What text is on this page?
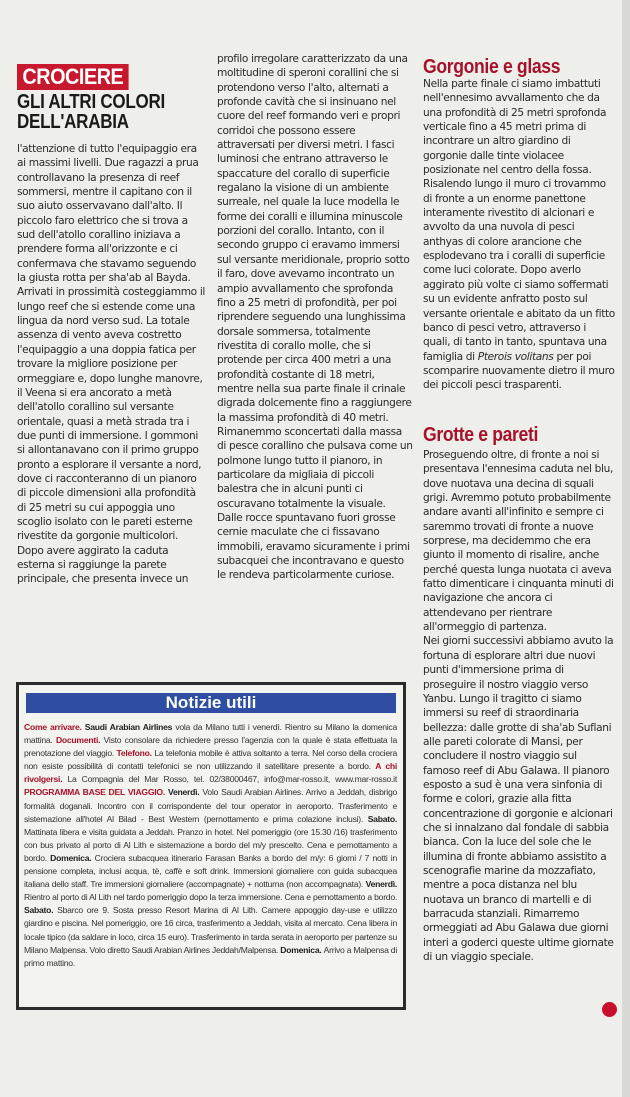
CROCIERE
GLI ALTRI COLORI
DELL'ARABIA

l'attenzione di tutto l'equipaggio era ai massimi livelli. Due ragazzi a prua controllavano la presenza di reef sommersi, mentre il capitano con il suo aiuto osservavano dall'alto. Il piccolo faro elettrico che si trova a sud dell'atollo corallino iniziava a prendere forma all'orizzonte e ci confermava che stavamo seguendo la giusta rotta per sha'ab al Bayda. Arrivati in prossimità costeggiammo il lungo reef che si estende come una lingua da nord verso sud. La totale assenza di vento aveva costretto l'equipaggio a una doppia fatica per trovare la migliore posizione per ormeggiare e, dopo lunghe manovre, il Veena si era ancorato a metà dell'atollo corallino sul versante orientale, quasi a metà strada tra i due punti di immersione. I gommoni si allontanavano con il primo gruppo pronto a esplorare il versante a nord, dove ci racconteranno di un pianoro di piccole dimensioni alla profondità di 25 metri su cui appoggia uno scoglio isolato con le pareti esterne rivestite da gorgonie multicolori.

Dopo avere aggirato la caduta esterna si raggiunge la parete principale, che presenta invece un

profilo irregolare caratterizzato da una moltitudine di speroni corallini che si protendono verso l'alto, alternati a profonde cavità che si insinuano nel cuore del reef formando veri e propri corridoi che possono essere attraversati per diversi metri. I fasci luminosi che entrano attraverso le spaccature del corallo di superficie regalano la visione di un ambiente surreale, nel quale la luce modella le forme dei coralli e illumina minuscole porzioni del corallo. Intanto, con il secondo gruppo ci eravamo immersi sul versante meridionale, proprio sotto il faro, dove avevamo incontrato un ampio avvallamento che sprofonda fino a 25 metri di profondità, per poi riprendere seguendo una lunghissima dorsale sommersa, totalmente rivestita di corallo molle, che si protende per circa 400 metri a una profondità costante di 18 metri, mentre nella sua parte finale il crinale digrada dolcemente fino a raggiungere la massima profondità di 40 metri. Rimanemmo sconcertati dalla massa di pesce corallino che pulsava come un polmone lungo tutto il pianoro, in particolare da migliaia di piccoli balestra che in alcuni punti ci oscuravano totalmente la visuale.

Dalle rocce spuntavano fuori grosse cernie maculate che ci fissavano immobili, eravamo sicuramente i primi subacquei che incontravano e questo le rendeva particolarmente curiose.

Gorgonie e glass

Nella parte finale ci siamo imbattuti nell'ennesimo avvallamento che da una profondità di 25 metri sprofonda verticale fino a 45 metri prima di incontrare un altro giardino di gorgonie dalle tinte violacee posizionate nel centro della fossa. Risalendo lungo il muro ci trovammo di fronte a un enorme panettone interamente rivestito di alcionari e avvolto da una nuvola di pesci anthyas di colore arancione che esplodevano tra i coralli di superficie come luci colorate. Dopo averlo aggirato più volte ci siamo soffermati su un evidente anfratto posto sul versante orientale e abitato da un fitto banco di pesci vetro, attraverso i quali, di tanto in tanto, spuntava una famiglia di Pterois volitans per poi scomparire nuovamente dietro il muro dei piccoli pesci trasparenti.

Grotte e pareti

Proseguendo oltre, di fronte a noi si presentava l'ennesima caduta nel blu, dove nuotava una decina di squali grigi. Avremmo potuto probabilmente andare avanti all'infinito e sempre ci saremmo trovati di fronte a nuove sorprese, ma decidemmo che era giunto il momento di risalire, anche perché questa lunga nuotata ci aveva fatto dimenticare i cinquanta minuti di navigazione che ancora ci attendevano per rientrare all'ormeggio di partenza.

Nei giorni successivi abbiamo avuto la fortuna di esplorare altri due nuovi punti d'immersione prima di proseguire il nostro viaggio verso Yanbu. Lungo il tragitto ci siamo immersi su reef di straordinaria bellezza: dalle grotte di sha'ab Suflani alle pareti colorate di Mansi, per concludere il nostro viaggio sul famoso reef di Abu Galawa. Il pianoro esposto a sud è una vera sinfonia di forme e colori, grazie alla fitta concentrazione di gorgonie e alcionari che si innalzano dal fondale di sabbia bianca. Con la luce del sole che le illumina di fronte abbiamo assistito a scenografie marine da mozzafiato, mentre a poca distanza nel blu nuotava un branco di martelli e di barracuda stanziali. Rimarremo ormeggiati ad Abu Galawa due giorni interi a goderci queste ultime giornate di un viaggio speciale.

Notizie utili
Come arrivare. Saudi Arabian Airlines vola da Milano tutti i venerdì. Rientro su Milano la domenica mattina. Documenti. Visto consolare da richiedere presso l'agenzia con la quale è stata effettuata la prenotazione del viaggio. Telefono. La telefonia mobile è attiva soltanto a terra. Nel corso della crociera non esiste possibilità di contatti telefonici se non utilizzando il satellitare presente a bordo. A chi rivolgersi. La Compagnia del Mar Rosso, tel. 02/38000467, info@mar-rosso.it, www.mar-rosso.it PROGRAMMA BASE DEL VIAGGIO. Venerdì. Volo Saudi Arabian Airlines. Arrivo a Jeddah, disbrigo formalità doganali. Incontro con il corrispondente del tour operator in aeroporto. Trasferimento e sistemazione all'hotel Al Bilad - Best Western (pernottamento e prima colazione inclusi). Sabato. Mattinata libera e visita guidata a Jeddah. Pranzo in hotel. Nel pomeriggio (ore 15.30 /16) trasferimento con bus privato al porto di Al Lith e sistemazione a bordo del m/y prescelto. Cena e pernottamento a bordo. Domenica. Crociera subacquea itinerario Farasan Banks a bordo del m/y: 6 giorni / 7 notti in pensione completa, inclusi acqua, tè, caffè e soft drink. Immersioni giornaliere con guida subacquea italiana dello staff. Tre immersioni giornaliere (accompagnate) + notturna (non accompagnata). Venerdì. Rientro al porto di Al Lith nel tardo pomeriggio dopo la terza immersione. Cena e pernottamento a bordo. Sabato. Sbarco ore 9. Sosta presso Resort Marina di Al Lith. Camere appoggio day-use e utilizzo giardino e piscina. Nel pomeriggio, ore 16 circa, trasferimento a Jeddah, visita al mercato. Cena libera in locale tipico (da saldare in loco, circa 15 euro). Trasferimento in tarda serata in aeroporto per partenze su Milano Malpensa. Volo diretto Saudi Arabian Airlines Jeddah/Malpensa. Domenica. Arrivo a Malpensa di primo mattino.
